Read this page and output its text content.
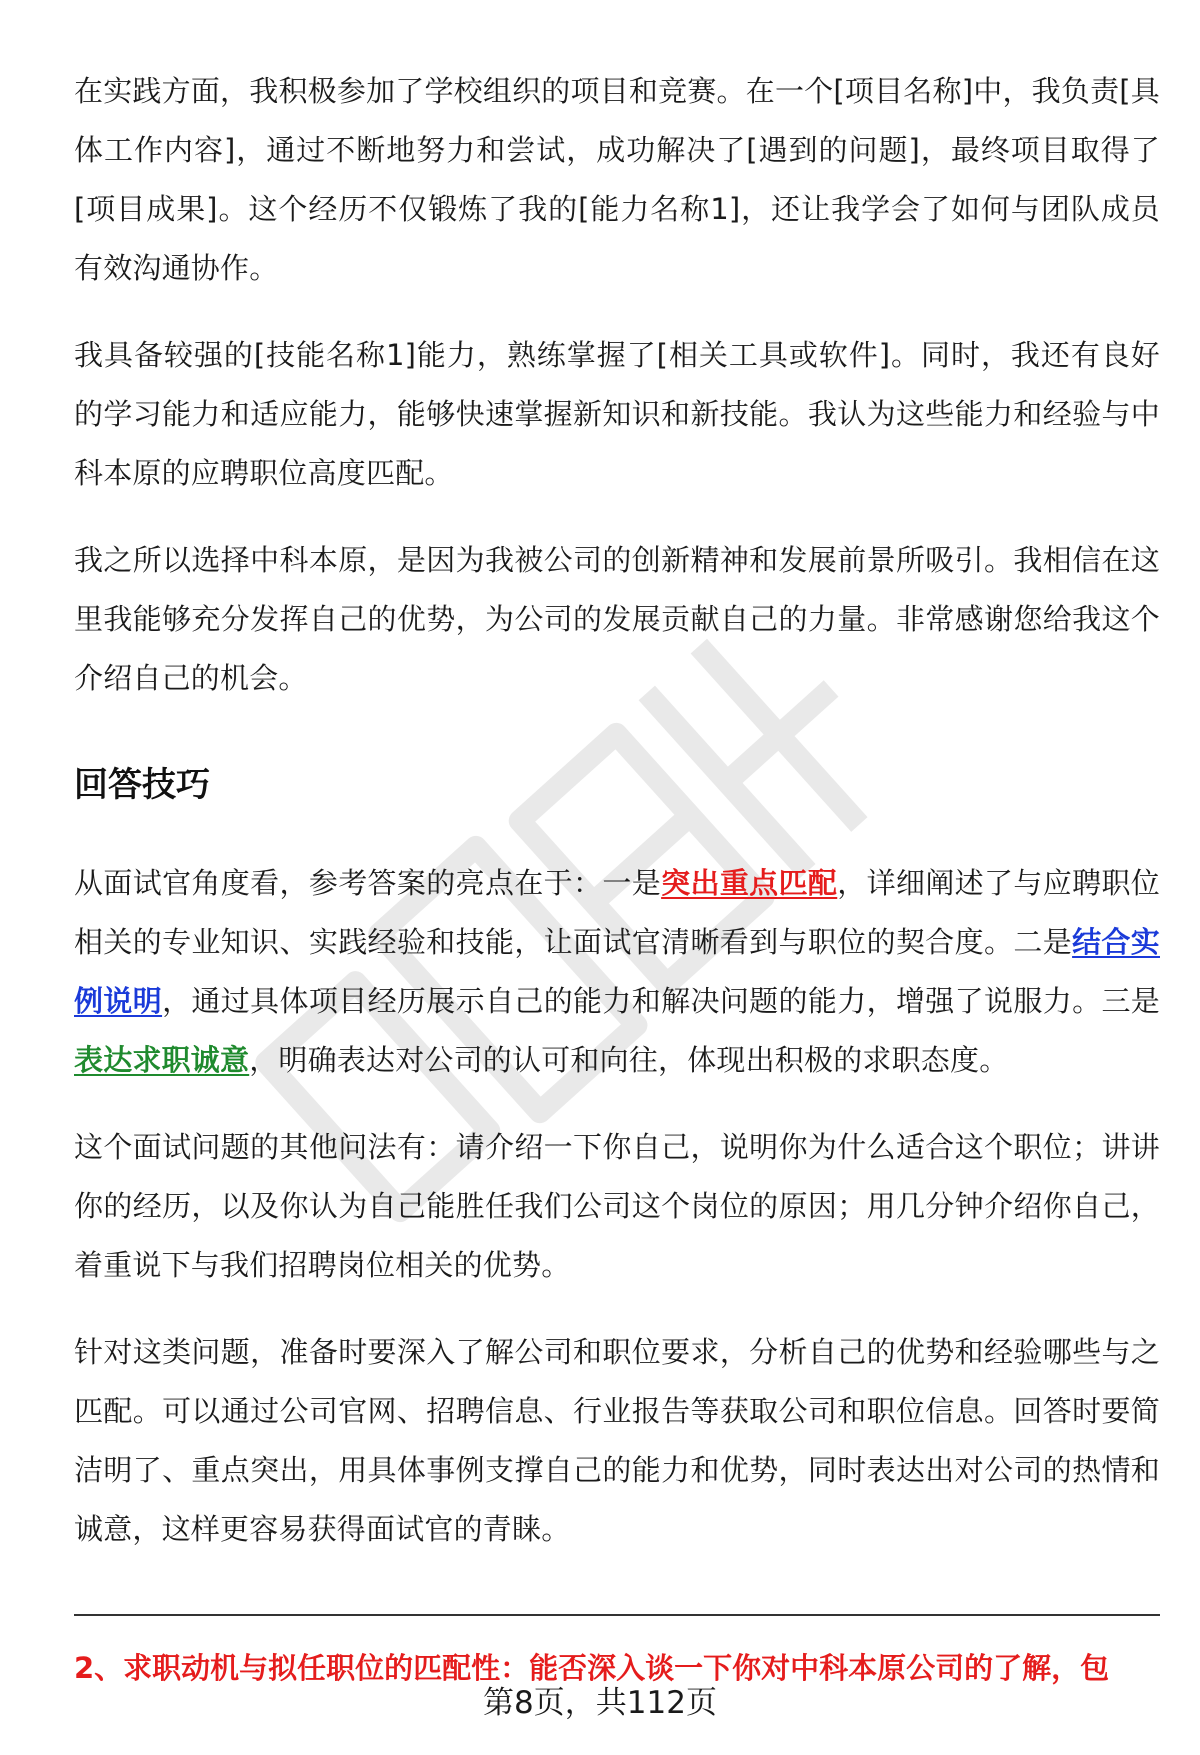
在实践方面，我积极参加了学校组织的项目和竞赛。在一个[项目名称]中，我负责[具体工作内容]，通过不断地努力和尝试，成功解决了[遇到的问题]，最终项目取得了[项目成果]。这个经历不仅锻炼了我的[能力名称1]，还让我学会了如何与团队成员有效沟通协作。

我具备较强的[技能名称1]能力，熟练掌握了[相关工具或软件]。同时，我还有良好的学习能力和适应能力，能够快速掌握新知识和新技能。我认为这些能力和经验与中科本原的应聘职位高度匹配。

我之所以选择中科本原，是因为我被公司的创新精神和发展前景所吸引。我相信在这里我能够充分发挥自己的优势，为公司的发展贡献自己的力量。非常感谢您给我这个介绍自己的机会。

回答技巧

从面试官角度看，参考答案的亮点在于：一是突出重点匹配，详细阐述了与应聘职位相关的专业知识、实践经验和技能，让面试官清晰看到与职位的契合度。二是结合实例说明，通过具体项目经历展示自己的能力和解决问题的能力，增强了说服力。三是表达求职诚意，明确表达对公司的认可和向往，体现出积极的求职态度。

这个面试问题的其他问法有：请介绍一下你自己，说明你为什么适合这个职位；讲讲你的经历，以及你认为自己能胜任我们公司这个岗位的原因；用几分钟介绍你自己，着重说下与我们招聘岗位相关的优势。

针对这类问题，准备时要深入了解公司和职位要求，分析自己的优势和经验哪些与之匹配。可以通过公司官网、招聘信息、行业报告等获取公司和职位信息。回答时要简洁明了、重点突出，用具体事例支撑自己的能力和优势，同时表达出对公司的热情和诚意，这样更容易获得面试官的青睐。

2、求职动机与拟任职位的匹配性：能否深入谈一下你对中科本原公司的了解，包
第8页，共112页
